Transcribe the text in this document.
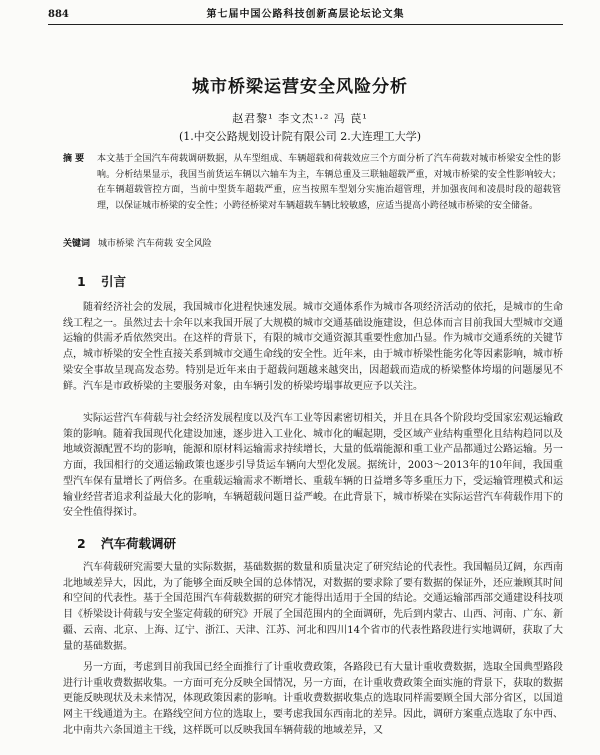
884	第七届中国公路科技创新高层论坛论文集
城市桥梁运营安全风险分析

赵君黎¹ 李文杰¹·² 冯 苠¹

(1.中交公路规划设计院有限公司 2.大连理工大学)

摘 要 本文基于全国汽车荷载调研数据，从车型组成、车辆超载和荷载效应三个方面分析了汽车荷载对城市桥梁安全性的影响。分析结果显示，我国当前货运车辆以六轴车为主，车辆总重及三联轴超载严重，对城市桥梁的安全性影响较大；在车辆超载管控方面，当前中型货车超载严重，应当按照车型划分实施治超管理，并加强夜间和凌晨时段的超载管理，以保证城市桥梁的安全性；小跨径桥梁对车辆超载车辆比较敏感，应适当提高小跨径城市桥梁的安全储备。
关键词 城市桥梁 汽车荷载 安全风险
1 引言

随着经济社会的发展，我国城市化进程快速发展。城市交通体系作为城市各项经济活动的依托，是城市的生命线工程之一。虽然过去十余年以来我国开展了大规模的城市交通基础设施建设，但总体而言目前我国大型城市交通运输的供需矛盾依然突出。在这样的背景下，有限的城市交通资源其重要性愈加凸显。作为城市交通系统的关键节点，城市桥梁的安全性直接关系到城市交通生命线的安全性。近年来，由于城市桥梁性能劣化等因素影响，城市桥梁安全事故呈现高发态势。特别是近年来由于超载问题越来越突出，因超载而造成的桥梁整体垮塌的问题屡见不鲜。汽车是市政桥梁的主要服务对象，由车辆引发的桥梁垮塌事故更应予以关注。

实际运营汽车荷载与社会经济发展程度以及汽车工业等因素密切相关，并且在具各个阶段均受国家宏观运输政策的影响。随着我国现代化建设加速，逐步进入工业化、城市化的崛起期，受区域产业结构重塑化且结构趋同以及地域资源配置不均的影响，能源和原材料运输需求持续增长，大量的低端能源和重工业产品都通过公路运输。另一方面，我国相行的交通运输政策也逐步引导货运车辆向大型化发展。据统计，2003～2013年的10年间，我国重型汽车保有量增长了两倍多。在重载运输需求不断增长、重载车辆的日益增多等多重压力下，受运输管理模式和运输业经营者追求利益最大化的影响，车辆超载问题日益严峻。在此背景下，城市桥梁在实际运营汽车荷载作用下的安全性值得探讨。

2 汽车荷载调研

汽车荷载研究需要大量的实际数据，基础数据的数量和质量决定了研究结论的代表性。我国幅员辽阔，东西南北地域差异大，因此，为了能够全面反映全国的总体情况，对数据的要求除了要有数据的保证外，还应兼顾其时间和空间的代表性。基于全国范围汽车荷载数据的研究才能得出适用于全国的结论。交通运输部西部交通建设科技项目《桥梁设计荷载与安全鉴定荷载的研究》开展了全国范围内的全面调研，先后到内蒙古、山西、河南、广东、新疆、云南、北京、上海、辽宁、浙江、天津、江苏、河北和四川14个省市的代表性路段进行实地调研，获取了大量的基础数据。

另一方面，考虑到目前我国已经全面推行了计重收费政策，各路段已有大量计重收费数据，选取全国典型路段进行计重收费数据收集。一方面可充分反映全国情况，另一方面，在计重收费政策全面实施的背景下，获取的数据更能反映现状及未来情况，体现政策因素的影响。计重收费数据收集点的选取同样需要顾全国大部分省区，以国道网主干线通道为主。在路线空间方位的选取上，要考虑我国东西南北的差异。因此，调研方案重点选取了东中西、北中南共六条国道主干线，这样既可以反映我国车辆荷载的地域差异，又
